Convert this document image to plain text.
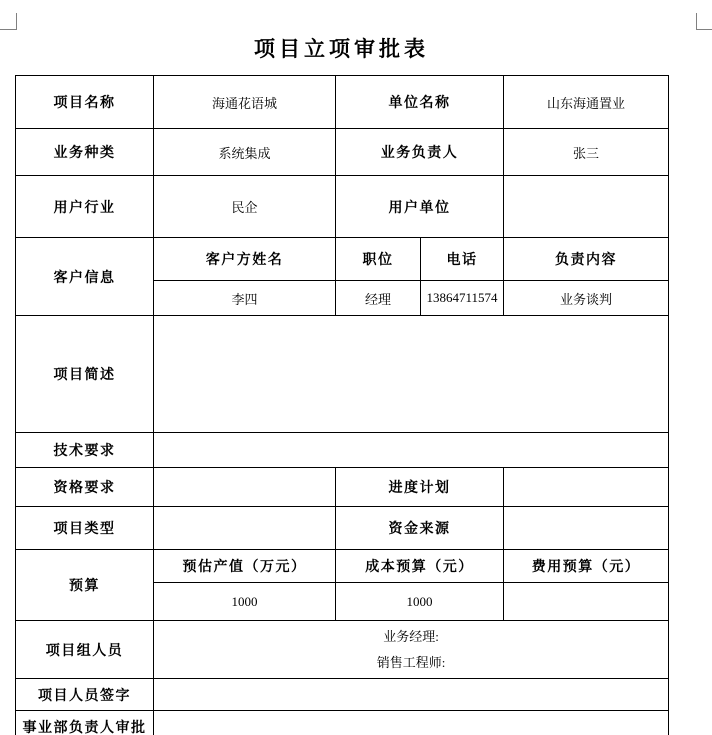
项目立项审批表
项目名称	海通花语城	单位名称		山东海通置业
业务种类	系统集成	业务负责人		张三
用户行业	民企	用户单位		
客户信息	客户方姓名	职位	电话	负责内容
	李四	经理	13864711574	业务谈判
项目简述				
技术要求				
资格要求		进度计划		
项目类型		资金来源		
预算	预估产值（万元）	成本预算（元）		费用预算（元）
	1000	1000		
项目组人员	业务经理:
销售工程师:			

项目人员签字				
事业部负责人审批				
